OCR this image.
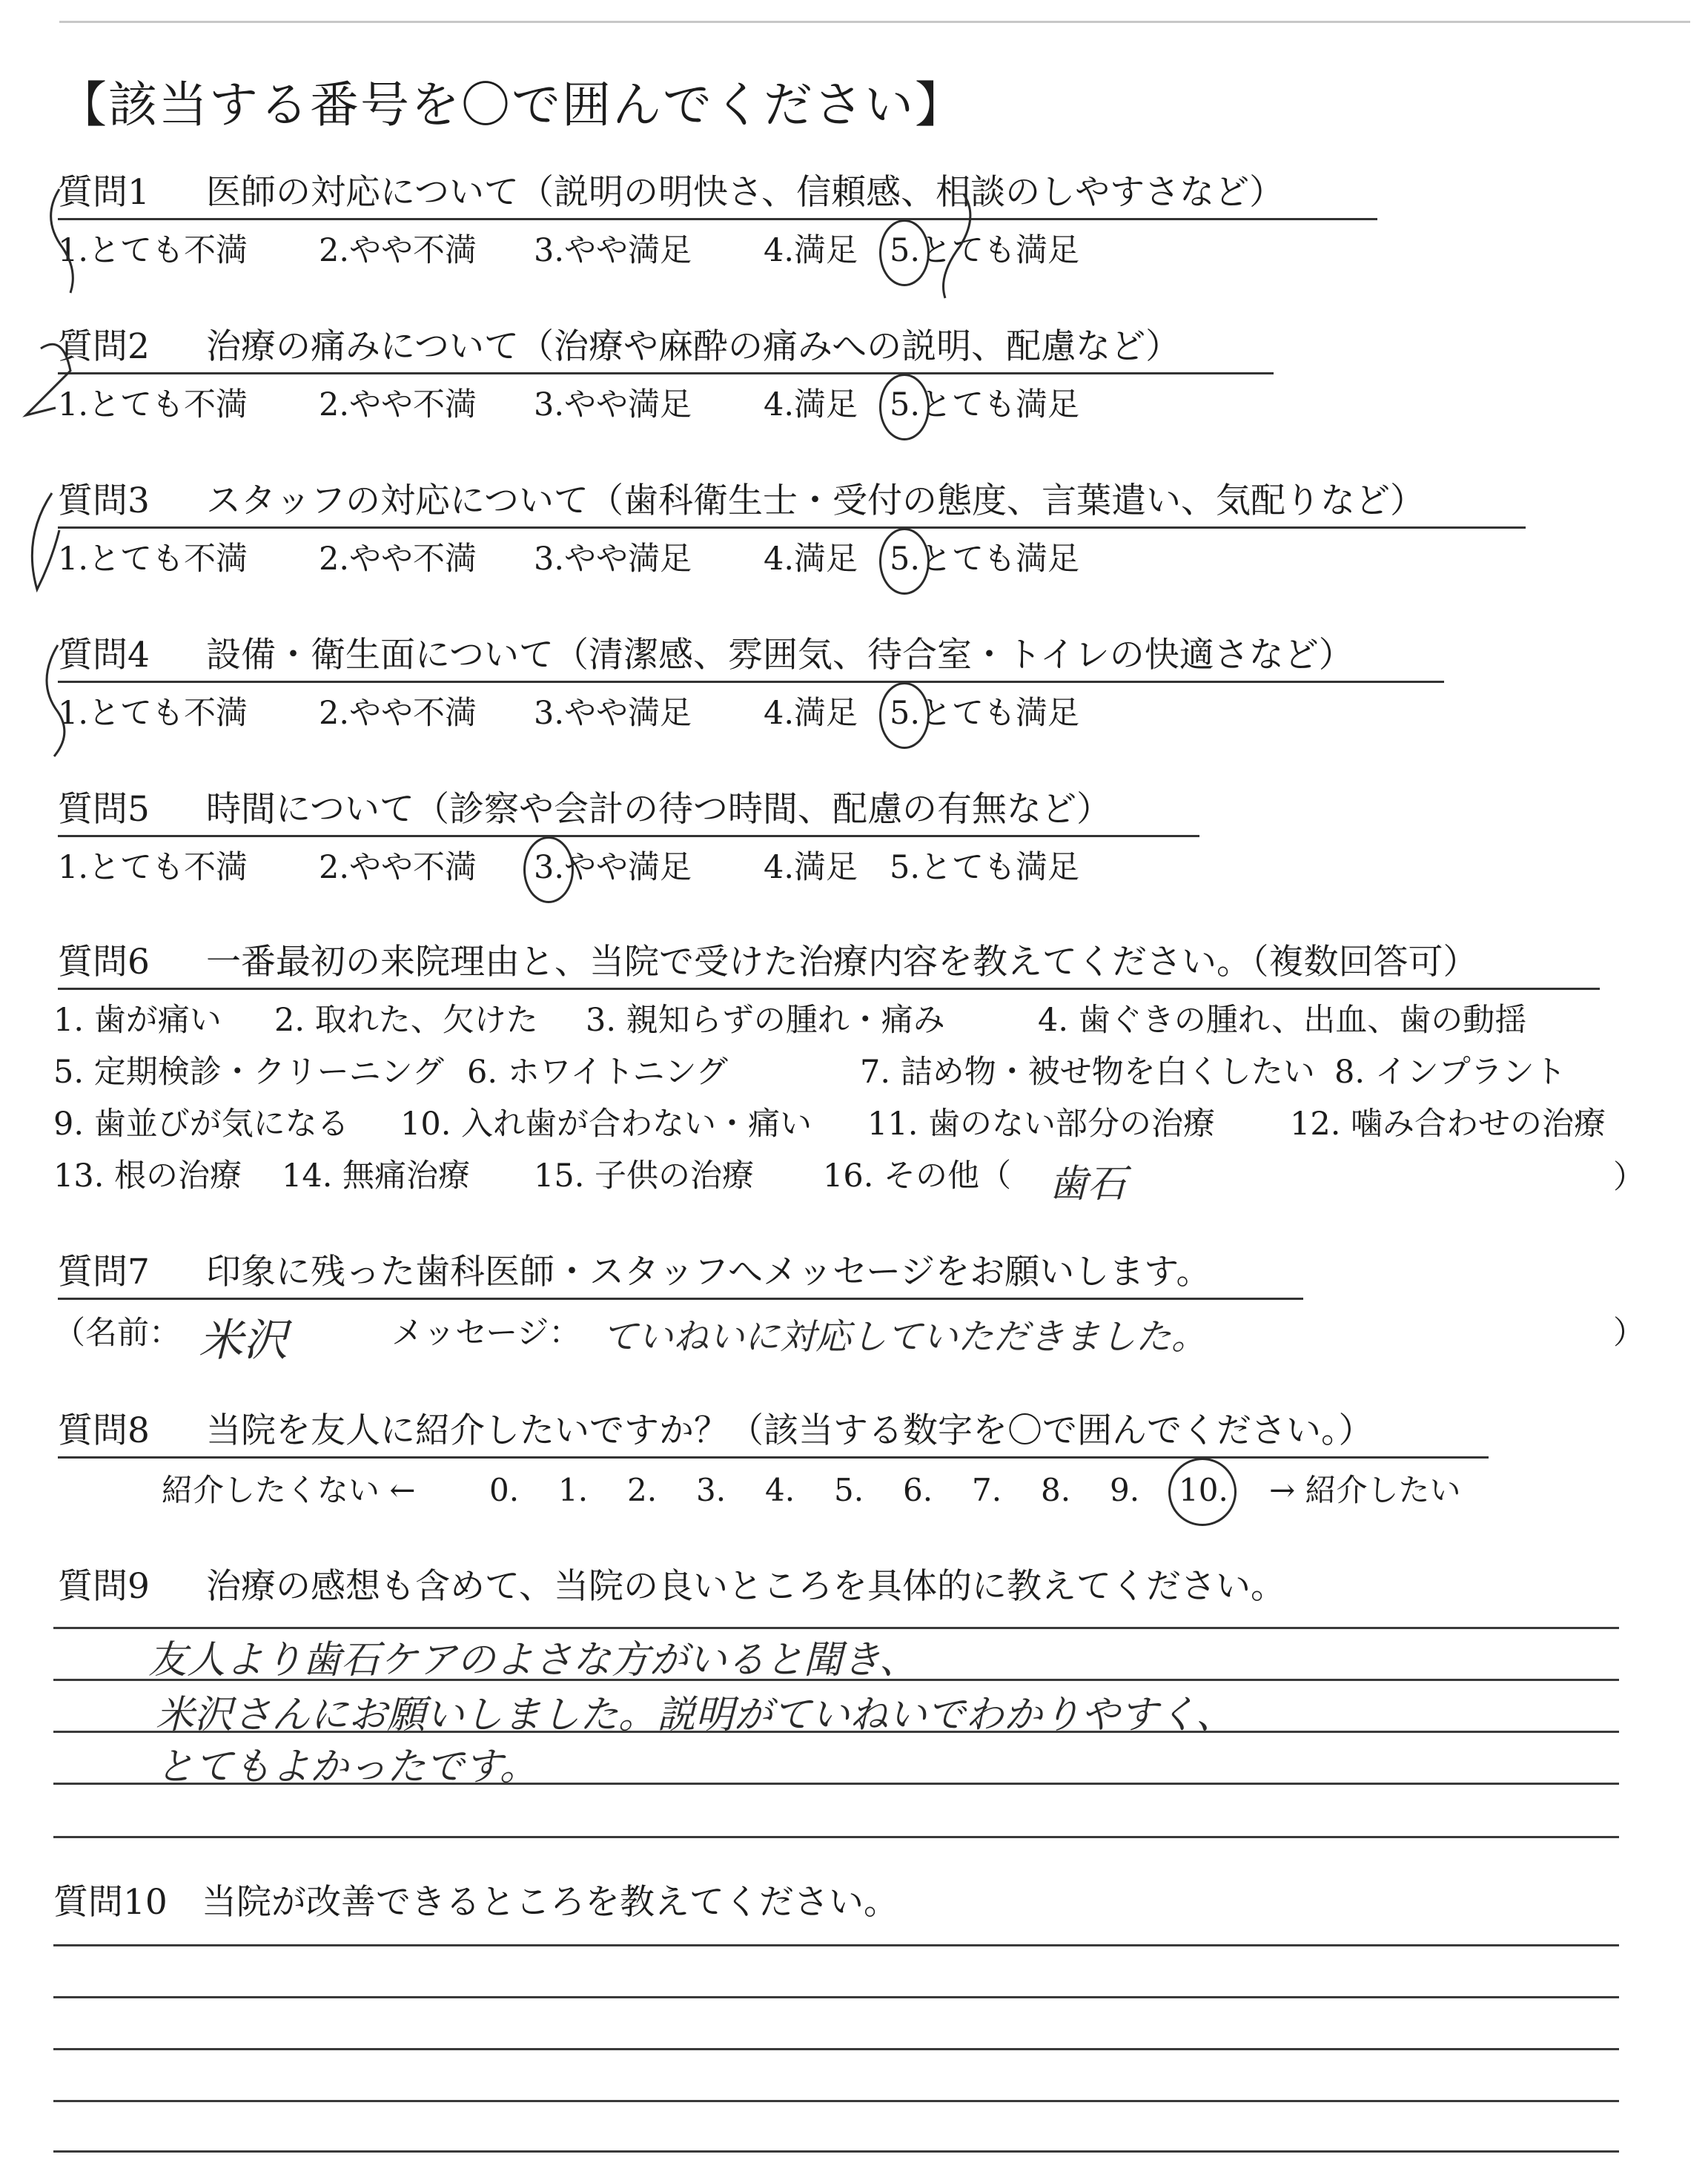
【該当する番号を〇で囲んでください】
質問1 医師の対応について（説明の明快さ、信頼感、相談のしやすさなど）
1.とても不満 2.やや不満 3.やや満足 4.満足 5.とても満足
質問2 治療の痛みについて（治療や麻酔の痛みへの説明、配慮など）
1.とても不満 2.やや不満 3.やや満足 4.満足 5.とても満足
質問3 スタッフの対応について（歯科衛生士・受付の態度、言葉遣い、気配りなど）
1.とても不満 2.やや不満 3.やや満足 4.満足 5.とても満足
質問4 設備・衛生面について（清潔感、雰囲気、待合室・トイレの快適さなど）
1.とても不満 2.やや不満 3.やや満足 4.満足 5.とても満足
質問5 時間について（診察や会計の待つ時間、配慮の有無など）
1.とても不満 2.やや不満 3.やや満足 4.満足 5.とても満足
質問6 一番最初の来院理由と、当院で受けた治療内容を教えてください。（複数回答可）
1. 歯が痛い 2. 取れた、欠けた 3. 親知らずの腫れ・痛み	4. 歯ぐきの腫れ、出血、歯の動揺
5. 定期検診・クリーニング 6. ホワイトニング	7. 詰め物・被せ物を白くしたい 8. インプラント
9. 歯並びが気になる 10. 入れ歯が合わない・痛い 11. 歯のない部分の治療 12. 噛み合わせの治療
13. 根の治療 14. 無痛治療 15. 子供の治療 16. その他（	）
歯石
質問7 印象に残った歯科医師・スタッフへメッセージをお願いします。
（名前： 米沢	メッセージ： ていねいに対応していただきました。	）
質問8 当院を友人に紹介したいですか？（該当する数字を〇で囲んでください。）
紹介したくない ← 0. 1. 2. 3. 4. 5. 6. 7. 8. 9. 10. → 紹介したい
質問9 治療の感想も含めて、当院の良いところを具体的に教えてください。
友人より歯石ケアのよさな方がいると聞き、
米沢さんにお願いしました。説明がていねいでわかりやすく、
とてもよかったです。
質問10 当院が改善できるところを教えてください。
